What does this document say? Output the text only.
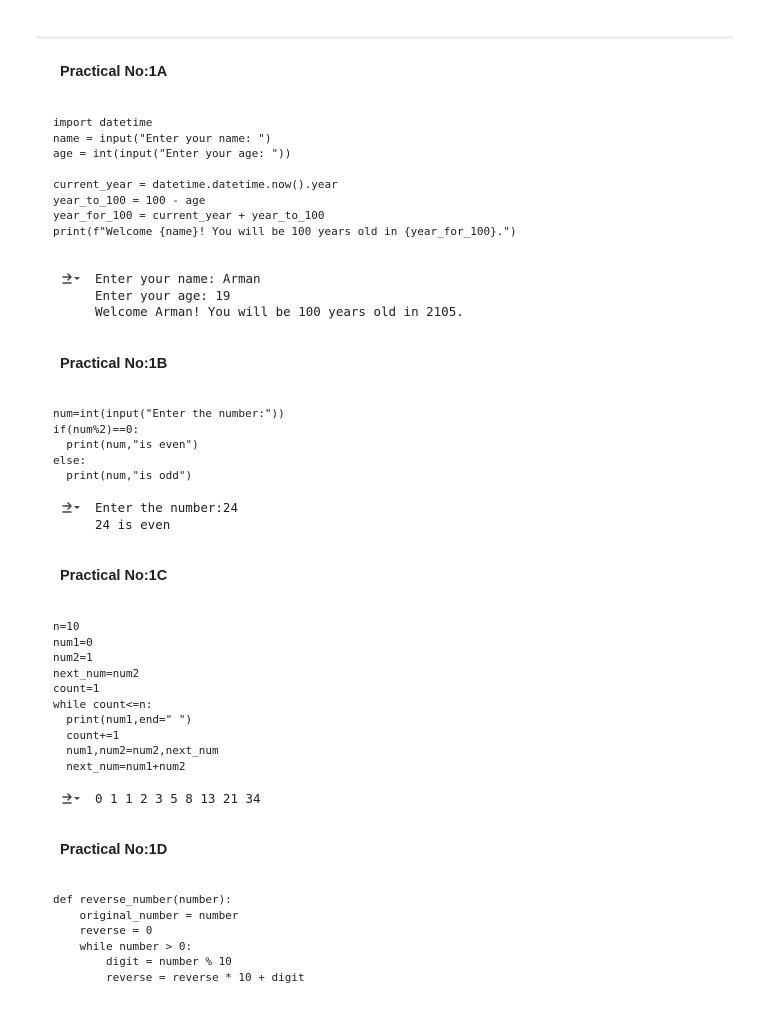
Practical No:1A
import datetime
name = input("Enter your name: ")
age = int(input("Enter your age: "))

current_year = datetime.datetime.now().year
year_to_100 = 100 - age
year_for_100 = current_year + year_to_100
print(f"Welcome {name}! You will be 100 years old in {year_for_100}.")
Enter your name: Arman
Enter your age: 19
Welcome Arman! You will be 100 years old in 2105.
Practical No:1B
num=int(input("Enter the number:"))
if(num%2)==0:
print(num,"is even")
else:
print(num,"is odd")
Enter the number:24
24 is even
Practical No:1C
n=10
num1=0
num2=1
next_num=num2
count=1
while count<=n:
print(num1,end=" ")
count+=1
num1,num2=num2,next_num
next_num=num1+num2
0 1 1 2 3 5 8 13 21 34
Practical No:1D
def reverse_number(number):
original_number = number
reverse = 0
while number > 0:
digit = number % 10
reverse = reverse * 10 + digit
